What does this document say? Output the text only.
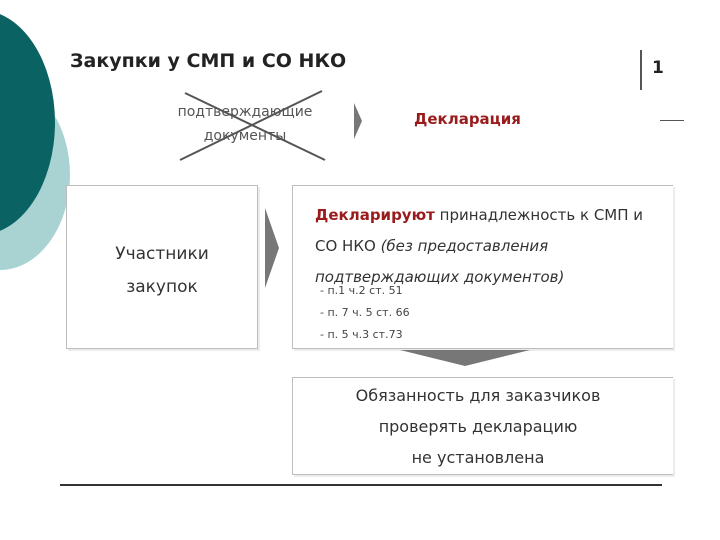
Закупки у СМП и СО НКО	1
подтверждающие
документы
Декларация
Участники
закупок
Декларируют принадлежность к СМП и СО НКО (без предоставления подтверждающих документов)
- п.1 ч.2 ст. 51
- п. 7 ч. 5 ст. 66
- п. 5 ч.3 ст.73
Обязанность для заказчиков
проверять декларацию
не установлена
